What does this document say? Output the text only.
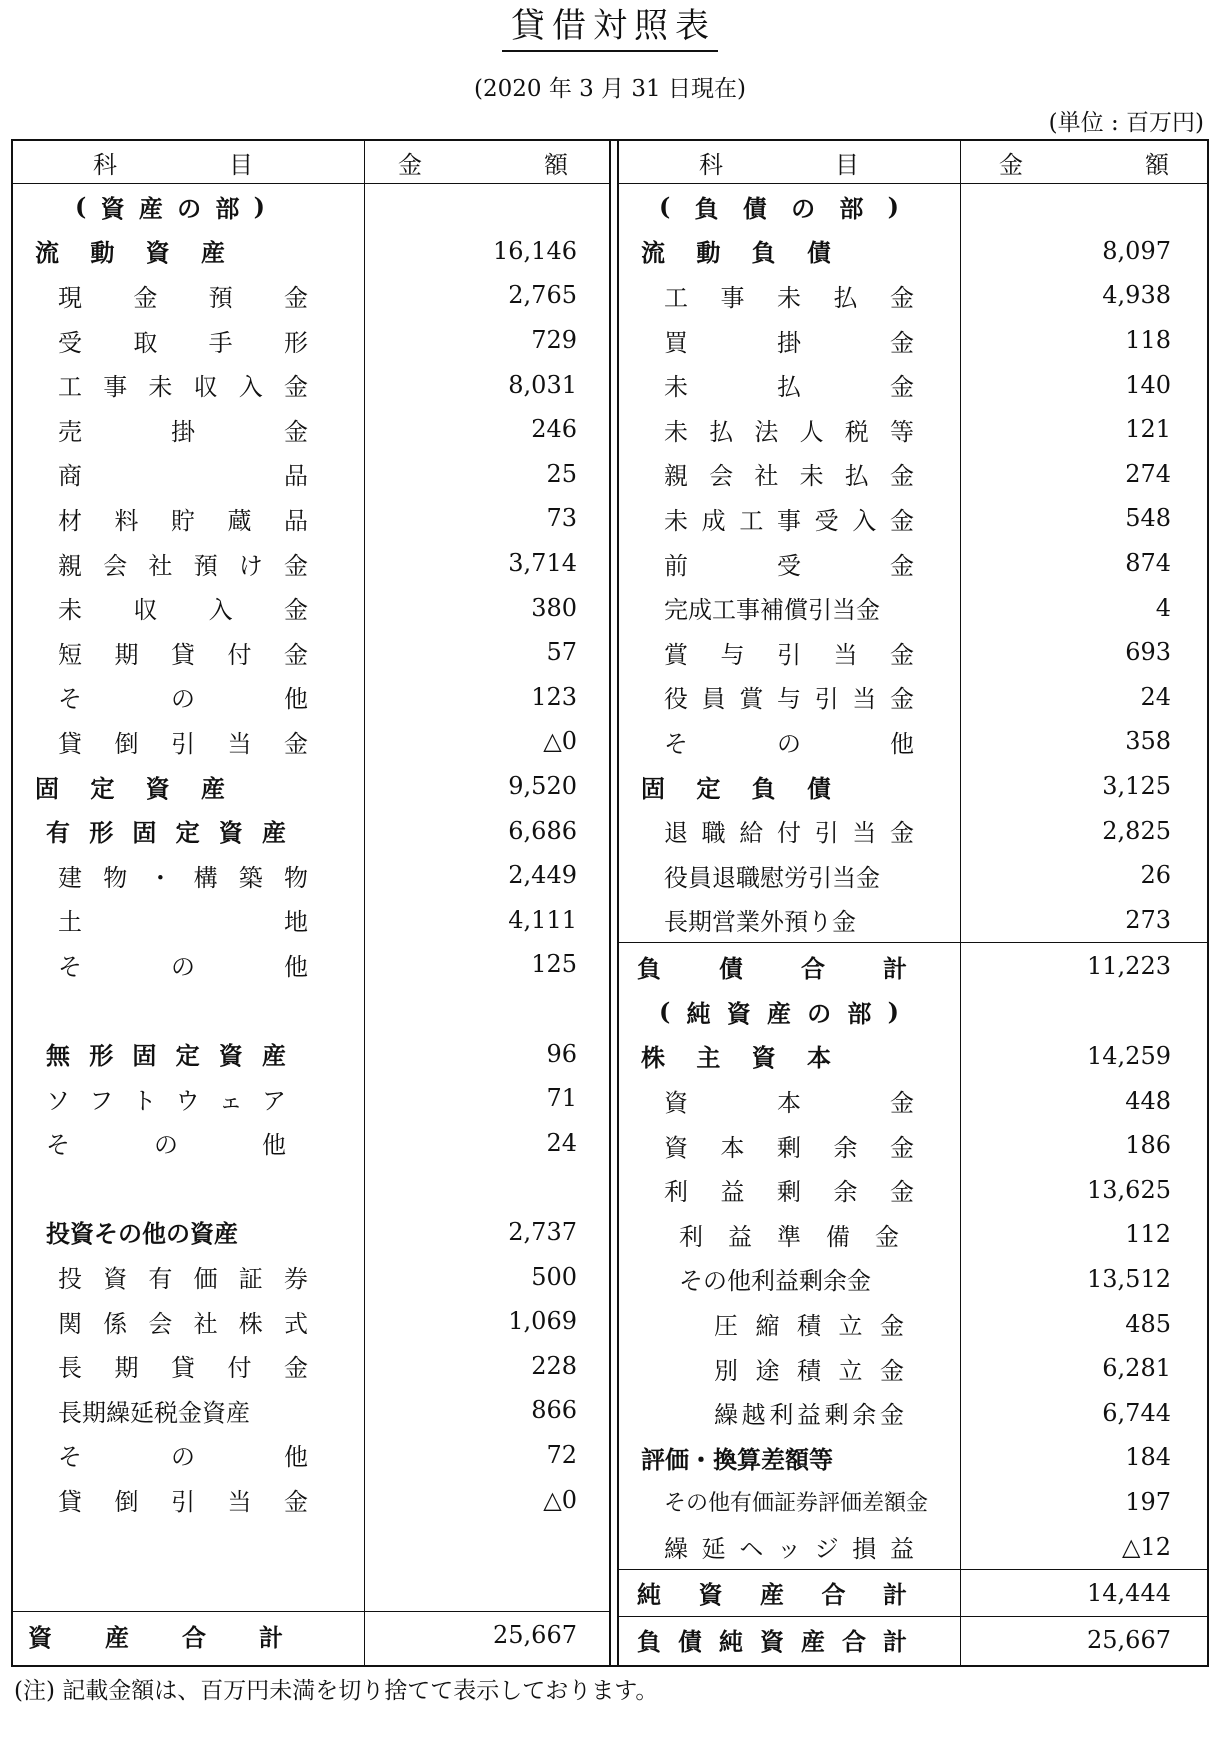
貸借対照表
(2020 年 3 月 31 日現在)
(単位 : 百万円)
科	目	金	額
( 資 産 の 部 )
流 動 資 産	16,146
現 金 預 金	2,765
受 取 手 形	729
工 事 未 収 入 金	8,031
売	掛	金	246
商	品	25
材 料 貯 蔵 品	73
親 会 社 預 け 金	3,714
未 収 入 金	380
短 期 貸 付 金	57
そ	の	他	123
貸 倒 引 当 金	△0
固 定 資 産	9,520
有 形 固 定 資 産	6,686
建 物 ・ 構 築 物	2,449
土	地	4,111
そ	の	他	125
無 形 固 定 資 産	96
ソ フ ト ウ ェ ア	71
そ	の	他	24
投資その他の資産	2,737
投 資 有 価 証 券	500
関 係 会 社 株 式	1,069
長 期 貸 付 金	228
長期繰延税金資産	866
そ	の	他	72
貸 倒 引 当 金	△0
資 産 合 計	25,667
科	目	金	額
( 負 債 の 部 )
流 動 負 債	8,097
工 事 未 払 金	4,938
買	掛	金	118
未	払	金	140
未 払 法 人 税 等	121
親 会 社 未 払 金	274
未 成 工 事 受 入 金	548
前	受	金	874
完成工事補償引当金	4
賞 与 引 当 金	693
役 員 賞 与 引 当 金	24
そ	の	他	358
固 定 負 債	3,125
退 職 給 付 引 当 金	2,825
役員退職慰労引当金	26
長期営業外預り金	273
負 債 合 計	11,223
( 純 資 産 の 部 )
株 主 資 本	14,259
資	本	金	448
資 本 剰 余 金	186
利 益 剰 余 金	13,625
利 益 準 備 金	112
その他利益剰余金	13,512
圧 縮 積 立 金	485
別 途 積 立 金	6,281
繰 越 利 益 剰 余 金	6,744
評価・換算差額等	184
その他有価証券評価差額金	197
繰 延 ヘ ッ ジ 損 益	△12
純 資 産 合 計	14,444
負 債 純 資 産 合 計	25,667
(注) 記載金額は、百万円未満を切り捨てて表示しております。
